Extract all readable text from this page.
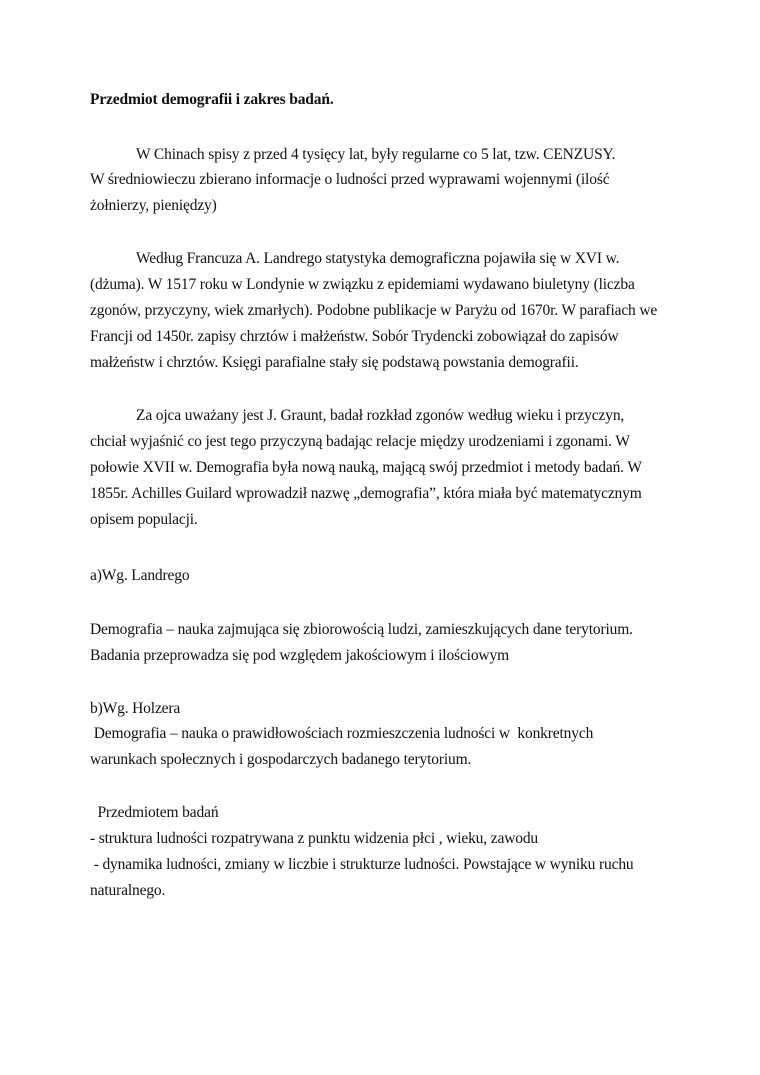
Przedmiot demografii i zakres badań.
W Chinach spisy z przed 4 tysięcy lat, były regularne co 5 lat, tzw. CENZUSY.
W średniowieczu zbierano informacje o ludności przed wyprawami wojennymi (ilość
żołnierzy, pieniędzy)
Według Francuza A. Landrego statystyka demograficzna pojawiła się w XVI w.
(dżuma). W 1517 roku w Londynie w związku z epidemiami wydawano biuletyny (liczba
zgonów, przyczyny, wiek zmarłych). Podobne publikacje w Paryżu od 1670r. W parafiach we
Francji od 1450r. zapisy chrztów i małżeństw. Sobór Trydencki zobowiązał do zapisów
małżeństw i chrztów. Księgi parafialne stały się podstawą powstania demografii.
Za ojca uważany jest J. Graunt, badał rozkład zgonów według wieku i przyczyn,
chciał wyjaśnić co jest tego przyczyną badając relacje między urodzeniami i zgonami. W
połowie XVII w. Demografia była nową nauką, mającą swój przedmiot i metody badań. W
1855r. Achilles Guilard wprowadził nazwę „demografia”, która miała być matematycznym
opisem populacji.
a)Wg. Landrego
Demografia – nauka zajmująca się zbiorowością ludzi, zamieszkujących dane terytorium.
Badania przeprowadza się pod względem jakościowym i ilościowym
b)Wg. Holzera
Demografia – nauka o prawidłowościach rozmieszczenia ludności w  konkretnych
warunkach społecznych i gospodarczych badanego terytorium.
Przedmiotem badań
- struktura ludności rozpatrywana z punktu widzenia płci , wieku, zawodu
- dynamika ludności, zmiany w liczbie i strukturze ludności. Powstające w wyniku ruchu
naturalnego.
